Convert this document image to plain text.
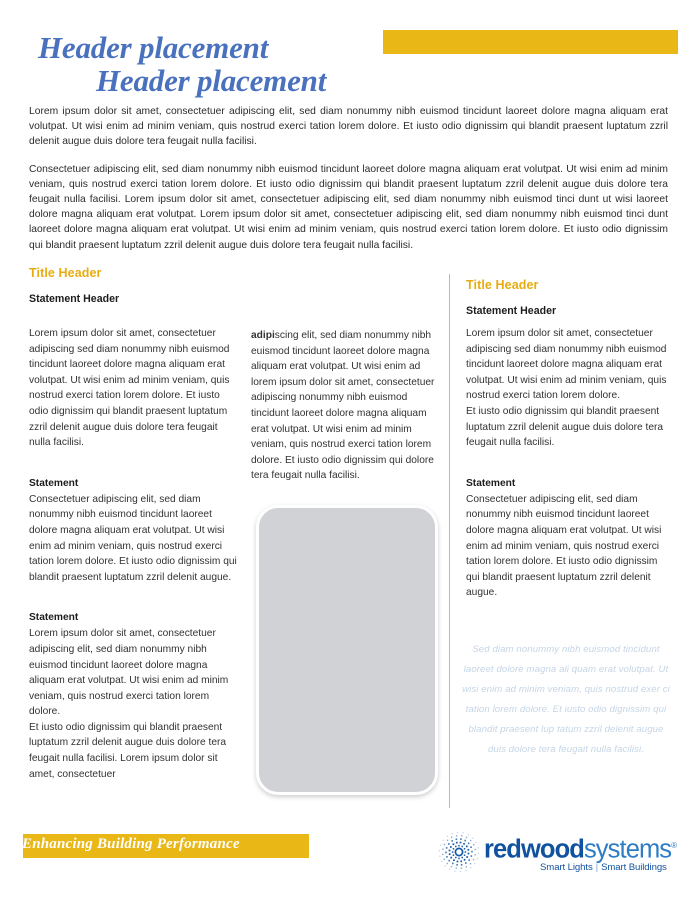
Page Summery
Header placement
Header placement

Lorem ipsum dolor sit amet, consectetuer adipiscing elit, sed diam nonummy nibh euismod tincidunt laoreet dolore magna aliquam erat volutpat. Ut wisi enim ad minim veniam, quis nostrud exerci tation lorem dolore. Et iusto odio dignissim qui blandit praesent luptatum zzril delenit augue duis dolore tera feugait nulla facilisi.

Consectetuer adipiscing elit, sed diam nonummy nibh euismod tincidunt laoreet dolore magna aliquam erat volutpat. Ut wisi enim ad minim veniam, quis nostrud exerci tation lorem dolore. Et iusto odio dignissim qui blandit praesent luptatum zzril delenit augue duis dolore tera feugait nulla facilisi. Lorem ipsum dolor sit amet, consectetuer adipiscing elit, sed diam nonummy nibh euismod tinci dunt ut wisi laoreet dolore magna aliquam erat volutpat. Lorem ipsum dolor sit amet, consectetuer adipiscing elit, sed diam nonummy nibh euismod tinci dunt laoreet dolore magna aliquam erat volutpat. Ut wisi enim ad minim veniam, quis nostrud exerci tation lorem dolore. Et iusto odio dignissim qui blandit praesent luptatum zzril delenit augue duis dolore tera feugait nulla facilisi.

Title Header
Statement Header

Lorem ipsum dolor sit amet, consectetuer adipiscing sed diam nonummy nibh euismod tincidunt laoreet dolore magna aliquam erat volutpat. Ut wisi enim ad minim veniam, quis nostrud exerci tation lorem dolore. Et iusto odio dignissim qui blandit praesent luptatum zzril delenit augue duis dolore tera feugait nulla facilisi.

Statement

Consectetuer adipiscing elit, sed diam nonummy nibh euismod tincidunt laoreet dolore magna aliquam erat volutpat. Ut wisi enim ad minim veniam, quis nostrud exerci tation lorem dolore. Et iusto odio dignissim qui blandit praesent luptatum zzril delenit augue.

Statement

Lorem ipsum dolor sit amet, consectetuer adipiscing elit, sed diam nonummy nibh euismod tincidunt laoreet dolore magna aliquam erat volutpat. Ut wisi enim ad minim veniam, quis nostrud exerci tation lorem dolore.

Et iusto odio dignissim qui blandit praesent luptatum zzril delenit augue duis dolore tera feugait nulla facilisi. Lorem ipsum dolor sit amet, consectetuer

adipiscing elit, sed diam nonummy nibh euismod tincidunt laoreet dolore magna aliquam erat volutpat. Ut wisi enim ad lorem ipsum dolor sit amet, consectetuer adipiscing nonummy nibh euismod tincidunt laoreet dolore magna aliquam erat volutpat. Ut wisi enim ad minim veniam, quis nostrud exerci tation lorem dolore. Et iusto odio dignissim qui dolore tera feugait nulla facilisi.

Title Header
Statement Header

Lorem ipsum dolor sit amet, consectetuer adipiscing sed diam nonummy nibh euismod tincidunt laoreet dolore magna aliquam erat volutpat. Ut wisi enim ad minim veniam, quis nostrud exerci tation lorem dolore.

Et iusto odio dignissim qui blandit praesent luptatum zzril delenit augue duis dolore tera feugait nulla facilisi.

Statement

Consectetuer adipiscing elit, sed diam nonummy nibh euismod tincidunt laoreet dolore magna aliquam erat volutpat. Ut wisi enim ad minim veniam, quis nostrud exerci tation lorem dolore. Et iusto odio dignissim qui blandit praesent luptatum zzril delenit augue.

Sed diam nonummy nibh euismod tincidunt laoreet dolore magna ali quam erat volutpat. Ut wisi enim ad minim veniam, quis nostrud exer ci tation lorem dolore. Et iusto odio dignissim qui blandit praesent lup tatum zzril delenit augue duis dolore tera feugait nulla facilisi.
Enhancing Building Performance	redwoodsystems®
Smart Lights | Smart Buildings
